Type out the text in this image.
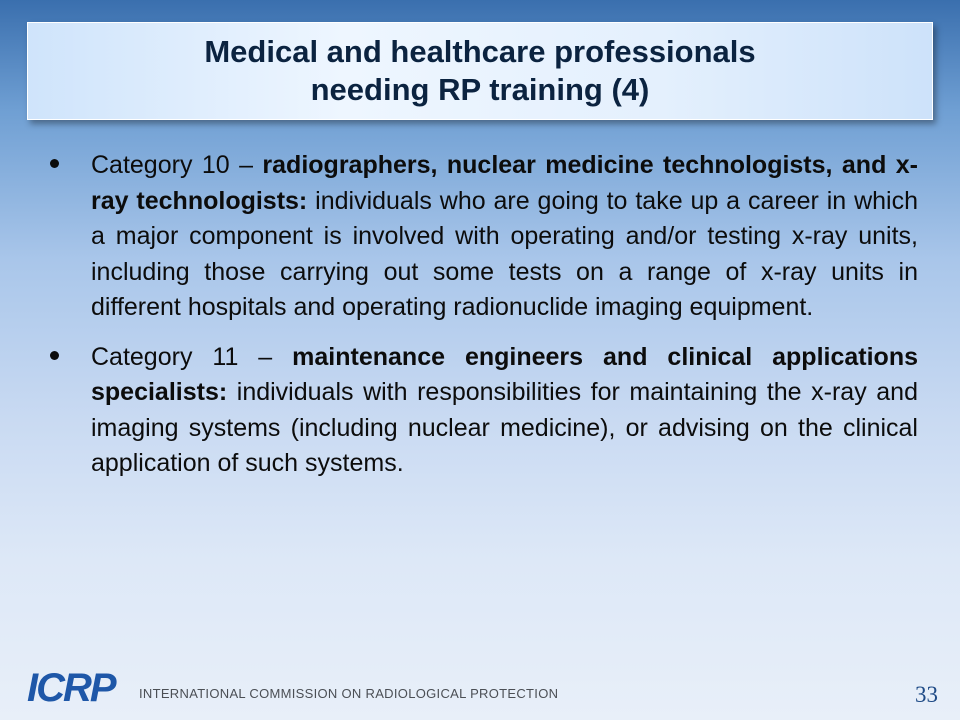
Medical and healthcare professionals
needing RP training (4)
Category 10 – radiographers, nuclear medicine technologists, and x-ray technologists: individuals who are going to take up a career in which a major component is involved with operating and/or testing x-ray units, including those carrying out some tests on a range of x-ray units in different hospitals and operating radionuclide imaging equipment.
Category 11 – maintenance engineers and clinical applications specialists: individuals with responsibilities for maintaining the x-ray and imaging systems (including nuclear medicine), or advising on the clinical application of such systems.
ICRP INTERNATIONAL COMMISSION ON RADIOLOGICAL PROTECTION	33
